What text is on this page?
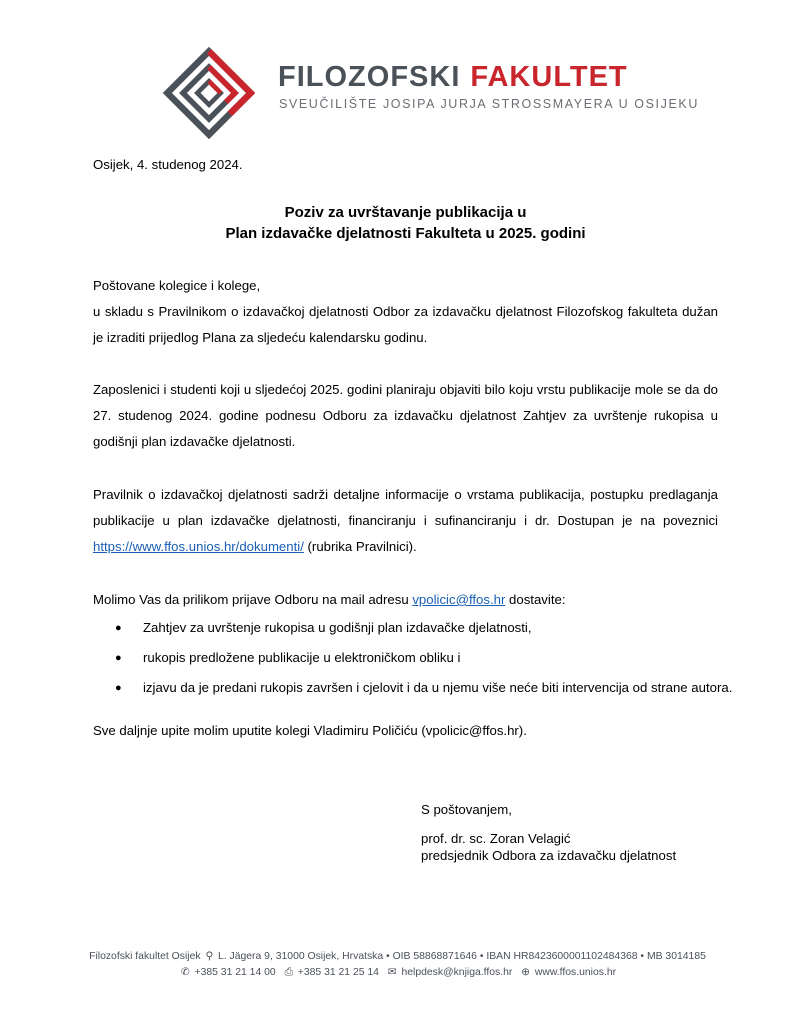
FILOZOFSKI FAKULTET
SVEUČILIŠTE JOSIPA JURJA STROSSMAYERA U OSIJEKU
Osijek, 4. studenog 2024.
Poziv za uvrštavanje publikacija u
Plan izdavačke djelatnosti Fakulteta u 2025. godini

Poštovane kolegice i kolege,

u skladu s Pravilnikom o izdavačkoj djelatnosti Odbor za izdavačku djelatnost Filozofskog fakulteta dužan je izraditi prijedlog Plana za sljedeću kalendarsku godinu.

Zaposlenici i studenti koji u sljedećoj 2025. godini planiraju objaviti bilo koju vrstu publikacije mole se da do 27. studenog 2024. godine podnesu Odboru za izdavačku djelatnost Zahtjev za uvrštenje rukopisa u godišnji plan izdavačke djelatnosti.

Pravilnik o izdavačkoj djelatnosti sadrži detaljne informacije o vrstama publikacija, postupku predlaganja publikacije u plan izdavačke djelatnosti, financiranju i sufinanciranju i dr. Dostupan je na poveznici https://www.ffos.unios.hr/dokumenti/ (rubrika Pravilnici).

Molimo Vas da prilikom prijave Odboru na mail adresu vpolicic@ffos.hr dostavite:

●	Zahtjev za uvrštenje rukopisa u godišnji plan izdavačke djelatnosti,
●	rukopis predložene publikacije u elektroničkom obliku i
●	izjavu da je predani rukopis završen i cjelovit i da u njemu više neće biti intervencija od strane autora.

Sve daljnje upite molim uputite kolegi Vladimiru Poličiću (vpolicic@ffos.hr).

S poštovanjem,
prof. dr. sc. Zoran Velagić
predsjednik Odbora za izdavačku djelatnost
Filozofski fakultet Osijek ⚲ L. Jägera 9, 31000 Osijek, Hrvatska • OIB 58868871646 • IBAN HR8423600001102484368 • MB 3014185
✆ +385 31 21 14 00 ⎙ +385 31 21 25 14 ✉ helpdesk@knjiga.ffos.hr ⊕ www.ffos.unios.hr
